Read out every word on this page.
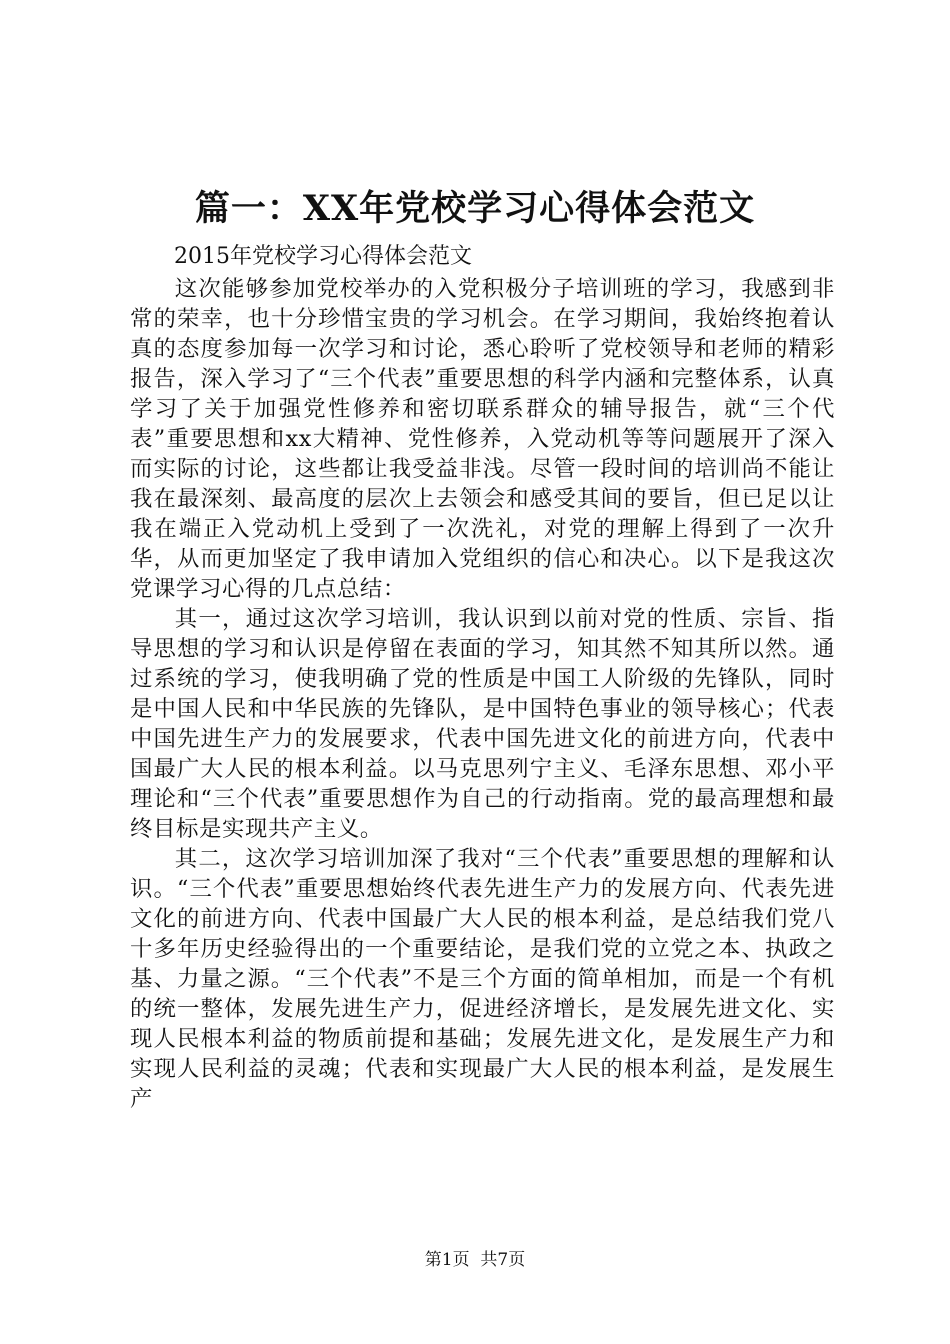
篇一：XX年党校学习心得体会范文

2015年党校学习心得体会范文

这次能够参加党校举办的入党积极分子培训班的学习，我感到非常的荣幸，也十分珍惜宝贵的学习机会。在学习期间，我始终抱着认真的态度参加每一次学习和讨论，悉心聆听了党校领导和老师的精彩报告，深入学习了“三个代表”重要思想的科学内涵和完整体系，认真学习了关于加强党性修养和密切联系群众的辅导报告，就“三个代表”重要思想和xx大精神、党性修养，入党动机等等问题展开了深入而实际的讨论，这些都让我受益非浅。尽管一段时间的培训尚不能让我在最深刻、最高度的层次上去领会和感受其间的要旨，但已足以让我在端正入党动机上受到了一次洗礼，对党的理解上得到了一次升华，从而更加坚定了我申请加入党组织的信心和决心。以下是我这次党课学习心得的几点总结：

其一，通过这次学习培训，我认识到以前对党的性质、宗旨、指导思想的学习和认识是停留在表面的学习，知其然不知其所以然。通过系统的学习，使我明确了党的性质是中国工人阶级的先锋队，同时是中国人民和中华民族的先锋队，是中国特色事业的领导核心；代表中国先进生产力的发展要求，代表中国先进文化的前进方向，代表中国最广大人民的根本利益。以马克思列宁主义、毛泽东思想、邓小平理论和“三个代表”重要思想作为自己的行动指南。党的最高理想和最终目标是实现共产主义。

其二，这次学习培训加深了我对“三个代表”重要思想的理解和认识。“三个代表”重要思想始终代表先进生产力的发展方向、代表先进文化的前进方向、代表中国最广大人民的根本利益，是总结我们党八十多年历史经验得出的一个重要结论，是我们党的立党之本、执政之基、力量之源。“三个代表”不是三个方面的简单相加，而是一个有机的统一整体，发展先进生产力，促进经济增长，是发展先进文化、实现人民根本利益的物质前提和基础；发展先进文化，是发展生产力和实现人民利益的灵魂；代表和实现最广大人民的根本利益，是发展生产

第1页  共7页
